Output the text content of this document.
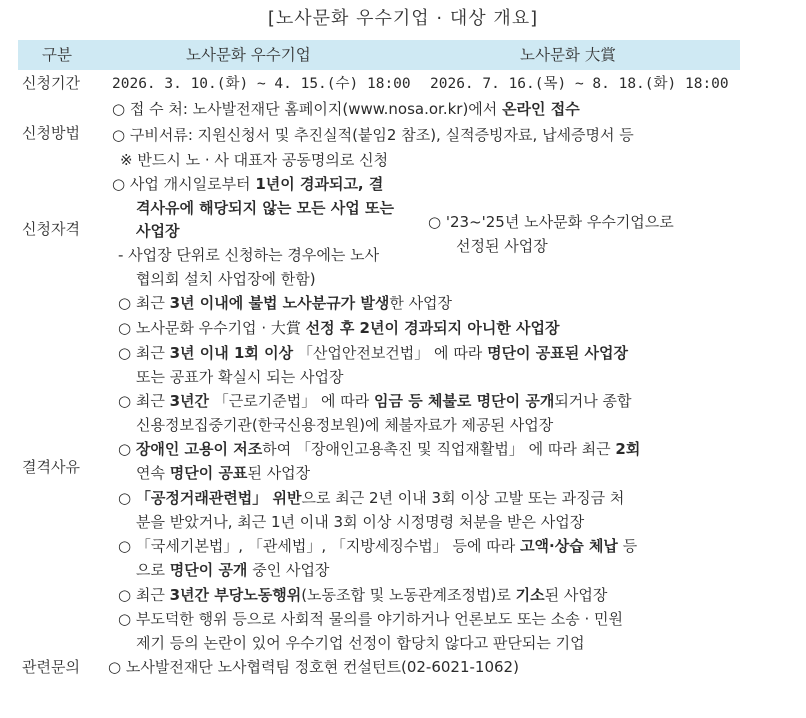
[노사문화 우수기업 · 대상 개요]
구분	노사문화 우수기업	노사문화 大賞
신청기간 2026. 3. 10.(화) ~ 4. 15.(수) 18:00 2026. 7. 16.(목) ~ 8. 18.(화) 18:00
신청방법
○ 접 수 처: 노사발전재단 홈페이지(www.nosa.or.kr)에서 온라인 접수
○ 구비서류: 지원신청서 및 추진실적(붙임2 참조), 실적증빙자료, 납세증명서 등
※ 반드시 노 · 사 대표자 공동명의로 신청
신청자격
○ 사업 개시일로부터 1년이 경과되고, 결
격사유에 해당되지 않는 모든 사업 또는
사업장
- 사업장 단위로 신청하는 경우에는 노사
협의회 설치 사업장에 한함)
○ '23~'25년 노사문화 우수기업으로
선정된 사업장
결격사유
○ 최근 3년 이내에 불법 노사분규가 발생한 사업장
○ 노사문화 우수기업 · 大賞 선정 후 2년이 경과되지 아니한 사업장
○ 최근 3년 이내 1회 이상 「산업안전보건법」 에 따라 명단이 공표된 사업장
또는 공표가 확실시 되는 사업장
○ 최근 3년간 「근로기준법」 에 따라 임금 등 체불로 명단이 공개되거나 종합
신용정보집중기관(한국신용정보원)에 체불자료가 제공된 사업장
○ 장애인 고용이 저조하여 「장애인고용촉진 및 직업재활법」 에 따라 최근 2회
연속 명단이 공표된 사업장
○ 「공정거래관련법」 위반으로 최근 2년 이내 3회 이상 고발 또는 과징금 처
분을 받았거나, 최근 1년 이내 3회 이상 시정명령 처분을 받은 사업장
○ 「국세기본법」, 「관세법」, 「지방세징수법」 등에 따라 고액·상습 체납 등
으로 명단이 공개 중인 사업장
○ 최근 3년간 부당노동행위(노동조합 및 노동관계조정법)로 기소된 사업장
○ 부도덕한 행위 등으로 사회적 물의를 야기하거나 언론보도 또는 소송 · 민원
제기 등의 논란이 있어 우수기업 선정이 합당치 않다고 판단되는 기업
관련문의 ○ 노사발전재단 노사협력팀 정호현 컨설턴트(02-6021-1062)
